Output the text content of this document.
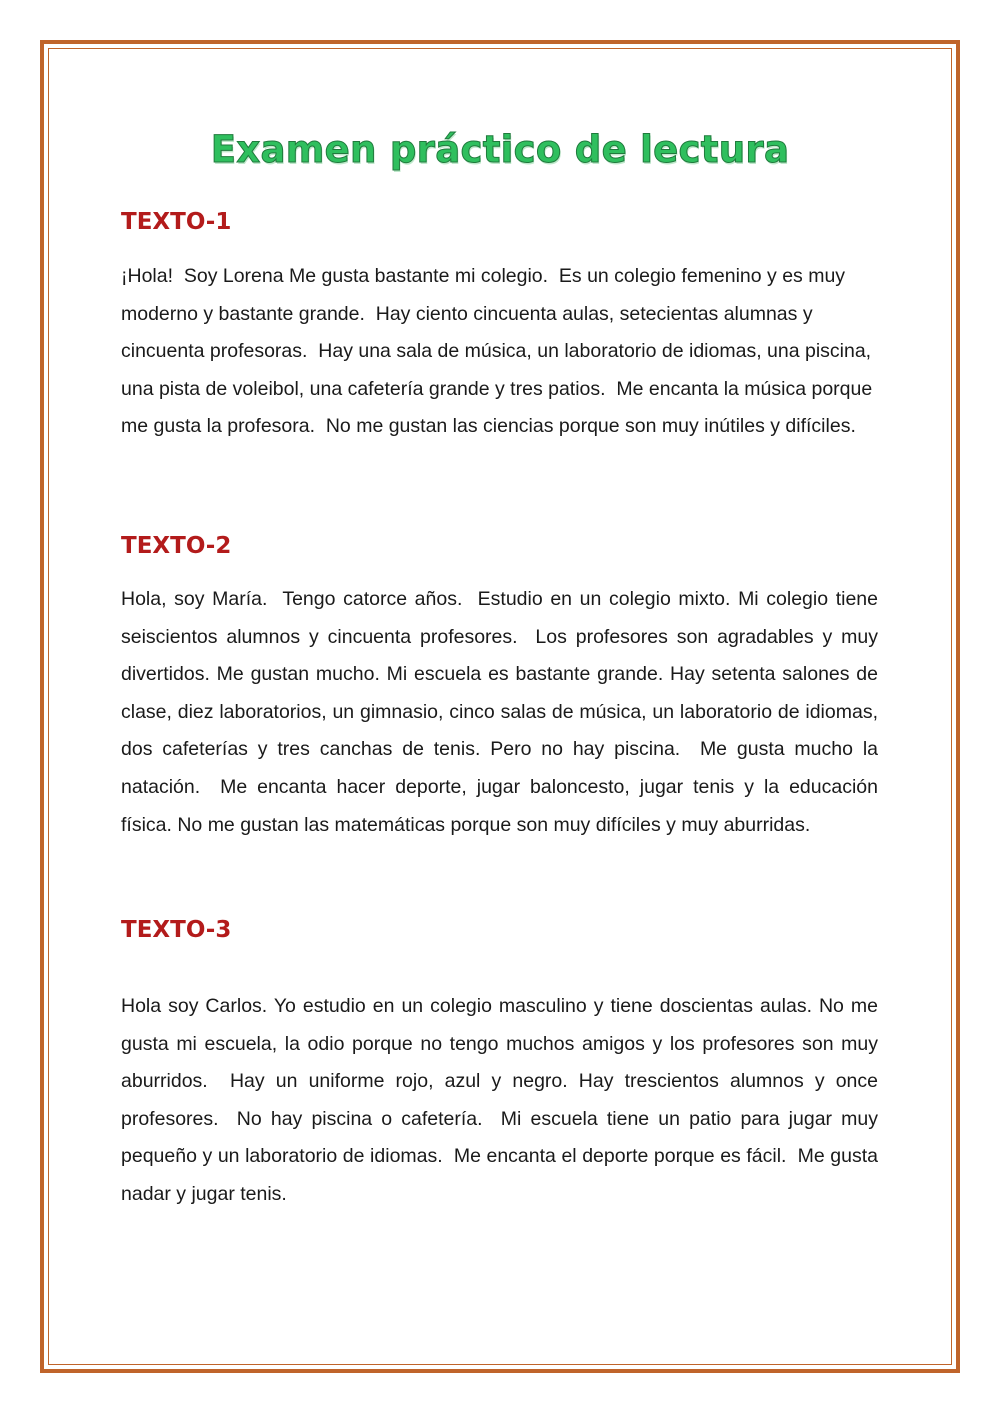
Examen práctico de lectura
TEXTO-1
¡Hola!  Soy Lorena Me gusta bastante mi colegio.  Es un colegio femenino y es muy moderno y bastante grande.  Hay ciento cincuenta aulas, setecientas alumnas y cincuenta profesoras.  Hay una sala de música, un laboratorio de idiomas, una piscina, una pista de voleibol, una cafetería grande y tres patios.  Me encanta la música porque me gusta la profesora.  No me gustan las ciencias porque son muy inútiles y difíciles.
TEXTO-2
Hola, soy María.  Tengo catorce años.  Estudio en un colegio mixto. Mi colegio tiene seiscientos alumnos y cincuenta profesores.  Los profesores son agradables y muy divertidos. Me gustan mucho. Mi escuela es bastante grande. Hay setenta salones de clase, diez laboratorios, un gimnasio, cinco salas de música, un laboratorio de idiomas, dos cafeterías y tres canchas de tenis. Pero no hay piscina.  Me gusta mucho la natación.  Me encanta hacer deporte, jugar baloncesto, jugar tenis y la educación física. No me gustan las matemáticas porque son muy difíciles y muy aburridas.
TEXTO-3
Hola soy Carlos. Yo estudio en un colegio masculino y tiene doscientas aulas. No me gusta mi escuela, la odio porque no tengo muchos amigos y los profesores son muy aburridos.  Hay un uniforme rojo, azul y negro. Hay trescientos alumnos y once profesores.  No hay piscina o cafetería.  Mi escuela tiene un patio para jugar muy pequeño y un laboratorio de idiomas.  Me encanta el deporte porque es fácil.  Me gusta nadar y jugar tenis.
